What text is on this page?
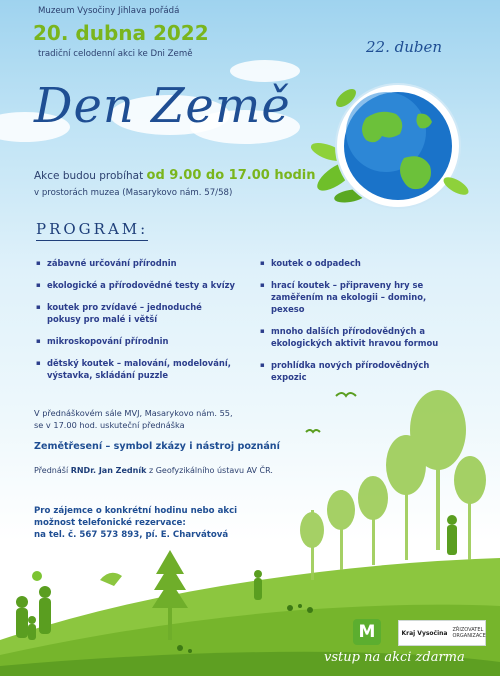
Muzeum Vysočiny Jihlava pořádá

20. dubna 2022

tradiční celodenní akci ke Dni Země

Den Země

22. duben

Akce budou probíhat od 9.00 do 17.00 hodin

v prostorách muzea (Masarykovo nám. 57/58)

PROGRAM:

▪ zábavné určování přírodnin
▪ ekologické a přírodovědné testy a kvízy
▪ koutek pro zvídavé – jednoduché pokusy pro malé i větší
▪ mikroskopování přírodnin
▪ dětský koutek – malování, modelování, výstavka, skládání puzzle
▪ koutek o odpadech
▪ hrací koutek – připraveny hry se zaměřením na ekologii – domino, pexeso
▪ mnoho dalších přírodovědných a ekologických aktivit hravou formou
▪ prohlídka nových přírodovědných expozic

V přednáškovém sále MVJ, Masarykovo nám. 55,
se v 17.00 hod. uskuteční přednáška

Zemětřesení – symbol zkázy i nástroj poznání

Přednáší RNDr. Jan Zedník z Geofyzikálního ústavu AV ČR.

Pro zájemce o konkrétní hodinu nebo akci
možnost telefonické rezervace:
na tel. č. 567 573 893, pí. E. Charvátová

M	Kraj Vysočina ZŘIZOVATEL ORGANIZACE

vstup na akci zdarma
